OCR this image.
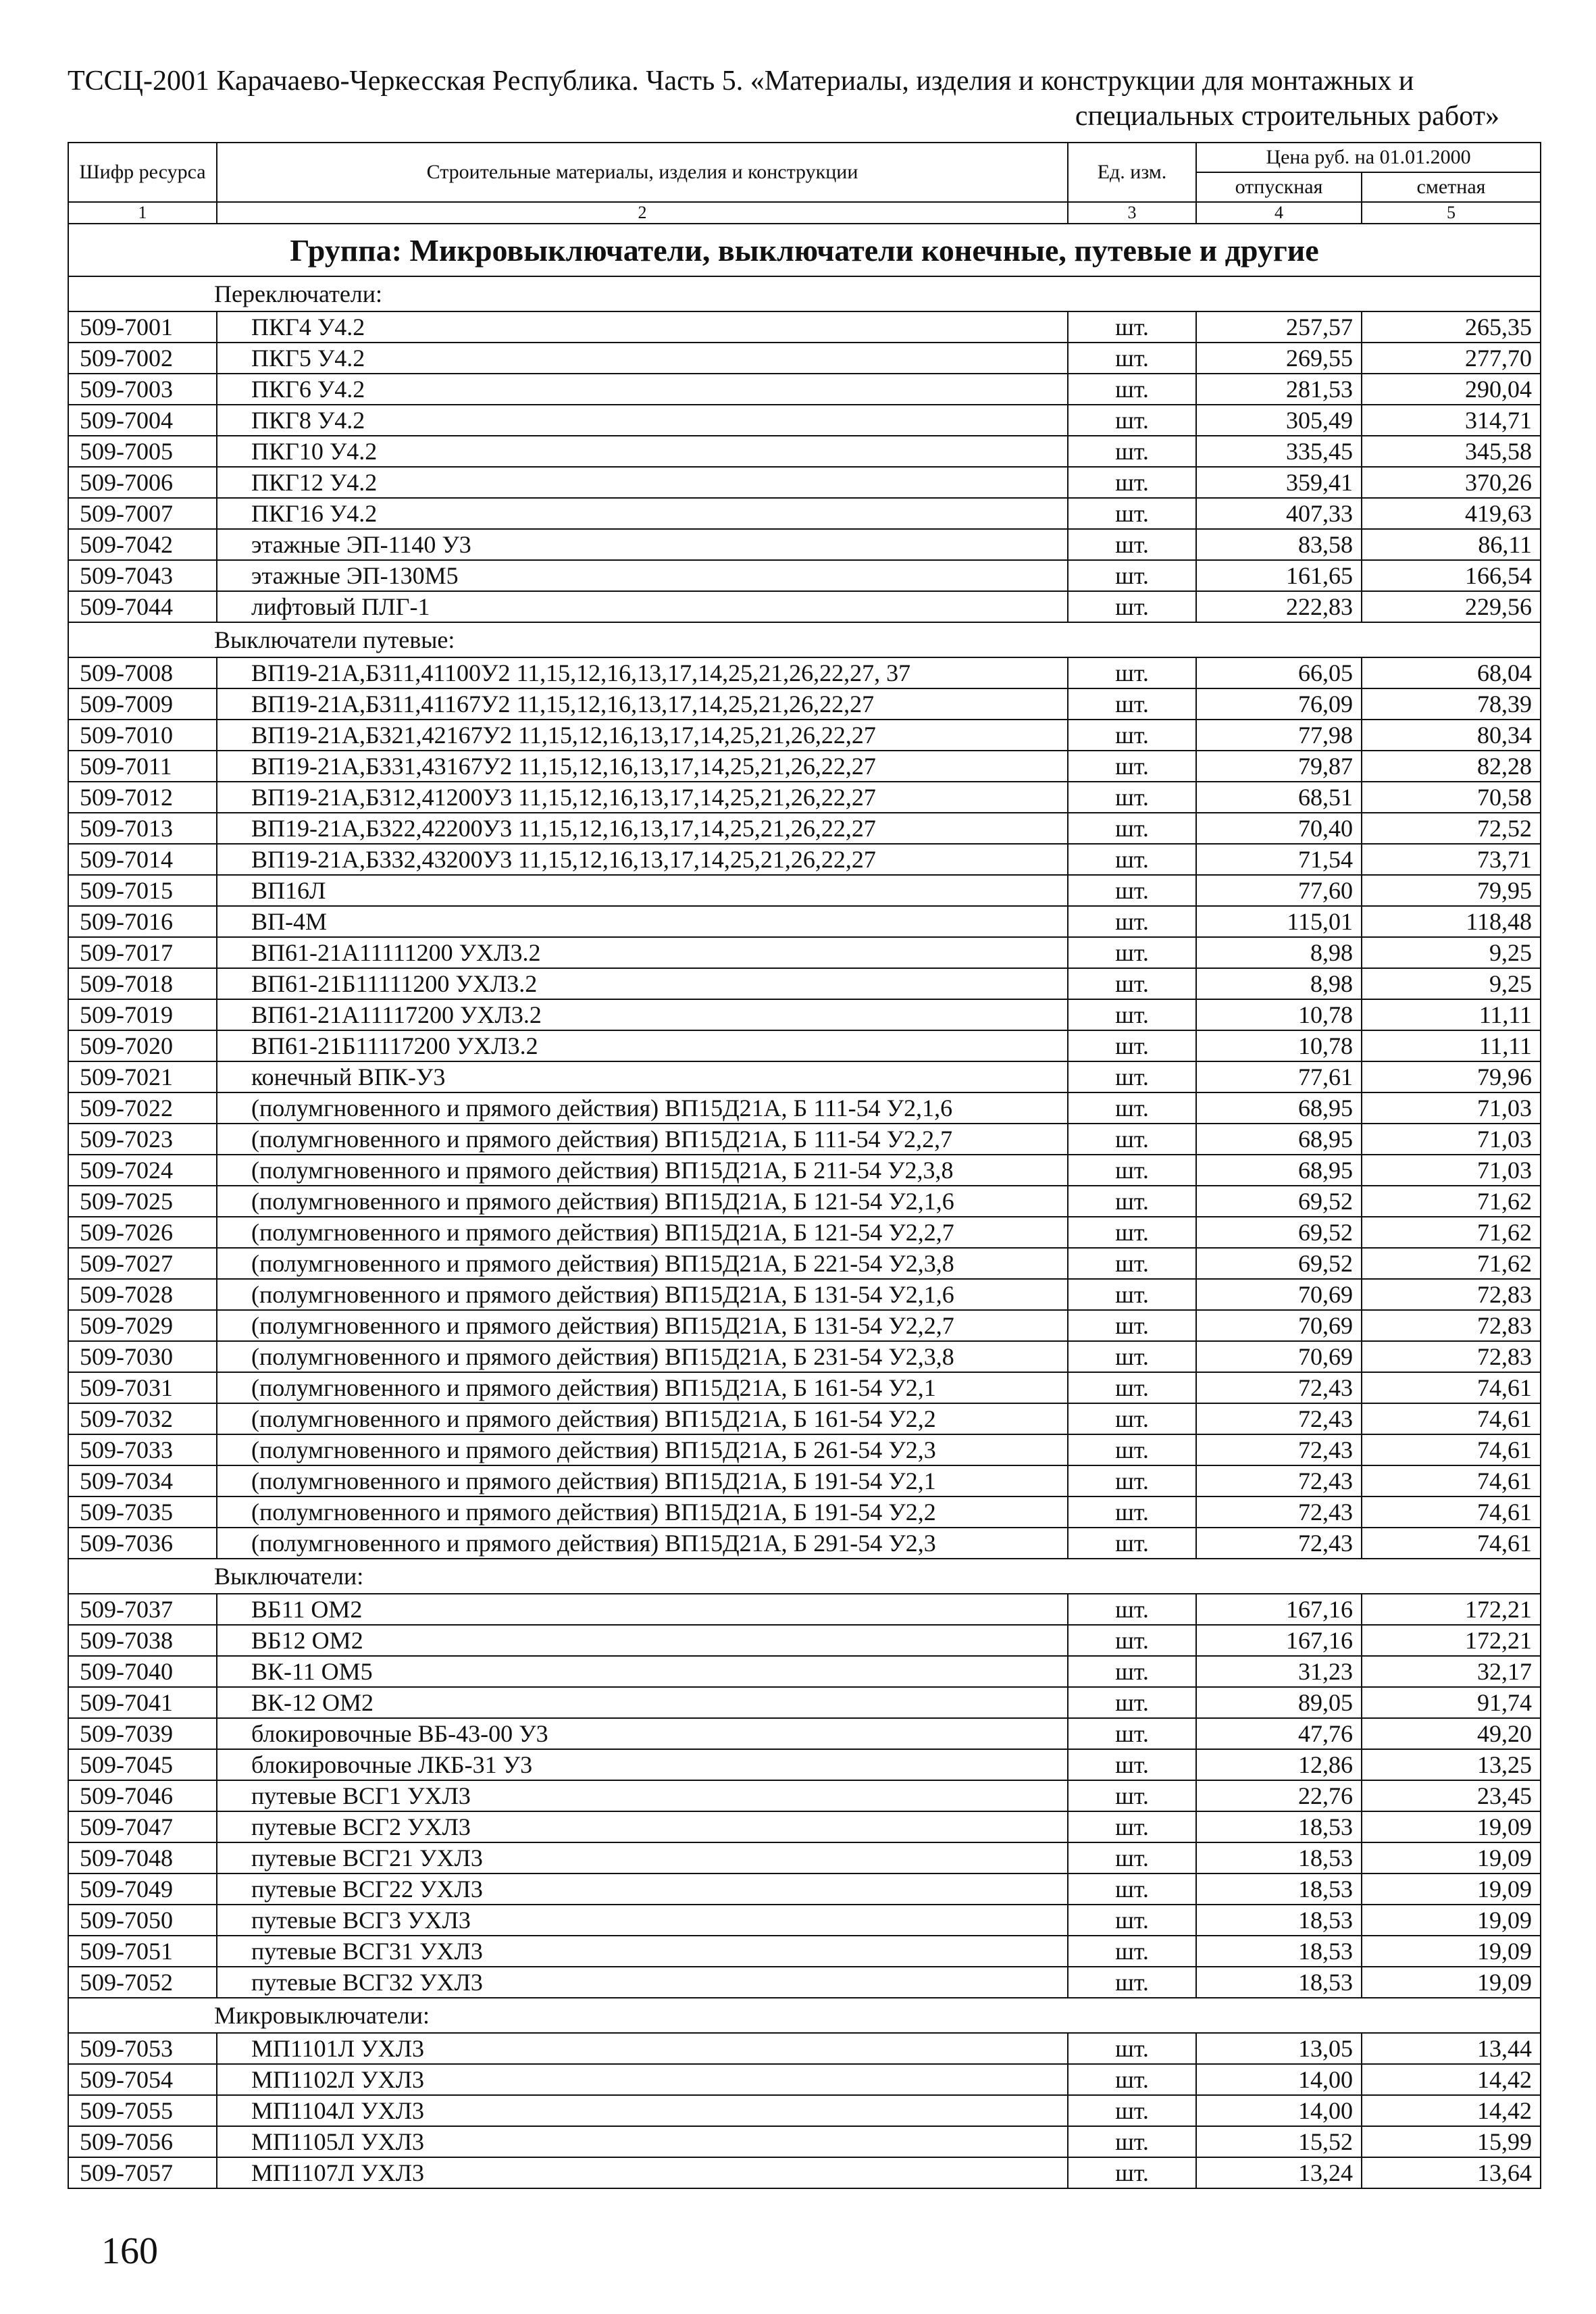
ТССЦ-2001 Карачаево-Черкесская Республика. Часть 5. «Материалы, изделия и конструкции для монтажных и
специальных строительных работ»
Шифр ресурса	Строительные материалы, изделия и конструкции	Ед. изм.	Цена руб. на 01.01.2000	
			отпускная	сметная
1	2	3	4	5
Группа: Микровыключатели, выключатели конечные, путевые и другие				
Переключатели:				
509-7001	ПКГ4 У4.2	шт.	257,57	265,35
509-7002	ПКГ5 У4.2	шт.	269,55	277,70
509-7003	ПКГ6 У4.2	шт.	281,53	290,04
509-7004	ПКГ8 У4.2	шт.	305,49	314,71
509-7005	ПКГ10 У4.2	шт.	335,45	345,58
509-7006	ПКГ12 У4.2	шт.	359,41	370,26
509-7007	ПКГ16 У4.2	шт.	407,33	419,63
509-7042	этажные ЭП-1140 У3	шт.	83,58	86,11
509-7043	этажные ЭП-130М5	шт.	161,65	166,54
509-7044	лифтовый ПЛГ-1	шт.	222,83	229,56
Выключатели путевые:				
509-7008	ВП19-21А,Б311,41100У2 11,15,12,16,13,17,14,25,21,26,22,27, 37	шт.	66,05	68,04
509-7009	ВП19-21А,Б311,41167У2 11,15,12,16,13,17,14,25,21,26,22,27	шт.	76,09	78,39
509-7010	ВП19-21А,Б321,42167У2 11,15,12,16,13,17,14,25,21,26,22,27	шт.	77,98	80,34
509-7011	ВП19-21А,Б331,43167У2 11,15,12,16,13,17,14,25,21,26,22,27	шт.	79,87	82,28
509-7012	ВП19-21А,Б312,41200У3 11,15,12,16,13,17,14,25,21,26,22,27	шт.	68,51	70,58
509-7013	ВП19-21А,Б322,42200У3 11,15,12,16,13,17,14,25,21,26,22,27	шт.	70,40	72,52
509-7014	ВП19-21А,Б332,43200У3 11,15,12,16,13,17,14,25,21,26,22,27	шт.	71,54	73,71
509-7015	ВП16Л	шт.	77,60	79,95
509-7016	ВП-4М	шт.	115,01	118,48
509-7017	ВП61-21А11111200 УХЛ3.2	шт.	8,98	9,25
509-7018	ВП61-21Б11111200 УХЛ3.2	шт.	8,98	9,25
509-7019	ВП61-21А11117200 УХЛ3.2	шт.	10,78	11,11
509-7020	ВП61-21Б11117200 УХЛ3.2	шт.	10,78	11,11
509-7021	конечный ВПК-У3	шт.	77,61	79,96
509-7022	(полумгновенного и прямого действия) ВП15Д21А, Б 111-54 У2,1,6	шт.	68,95	71,03
509-7023	(полумгновенного и прямого действия) ВП15Д21А, Б 111-54 У2,2,7	шт.	68,95	71,03
509-7024	(полумгновенного и прямого действия) ВП15Д21А, Б 211-54 У2,3,8	шт.	68,95	71,03
509-7025	(полумгновенного и прямого действия) ВП15Д21А, Б 121-54 У2,1,6	шт.	69,52	71,62
509-7026	(полумгновенного и прямого действия) ВП15Д21А, Б 121-54 У2,2,7	шт.	69,52	71,62
509-7027	(полумгновенного и прямого действия) ВП15Д21А, Б 221-54 У2,3,8	шт.	69,52	71,62
509-7028	(полумгновенного и прямого действия) ВП15Д21А, Б 131-54 У2,1,6	шт.	70,69	72,83
509-7029	(полумгновенного и прямого действия) ВП15Д21А, Б 131-54 У2,2,7	шт.	70,69	72,83
509-7030	(полумгновенного и прямого действия) ВП15Д21А, Б 231-54 У2,3,8	шт.	70,69	72,83
509-7031	(полумгновенного и прямого действия) ВП15Д21А, Б 161-54 У2,1	шт.	72,43	74,61
509-7032	(полумгновенного и прямого действия) ВП15Д21А, Б 161-54 У2,2	шт.	72,43	74,61
509-7033	(полумгновенного и прямого действия) ВП15Д21А, Б 261-54 У2,3	шт.	72,43	74,61
509-7034	(полумгновенного и прямого действия) ВП15Д21А, Б 191-54 У2,1	шт.	72,43	74,61
509-7035	(полумгновенного и прямого действия) ВП15Д21А, Б 191-54 У2,2	шт.	72,43	74,61
509-7036	(полумгновенного и прямого действия) ВП15Д21А, Б 291-54 У2,3	шт.	72,43	74,61
Выключатели:				
509-7037	ВБ11 ОМ2	шт.	167,16	172,21
509-7038	ВБ12 ОМ2	шт.	167,16	172,21
509-7040	ВК-11 ОМ5	шт.	31,23	32,17
509-7041	ВК-12 ОМ2	шт.	89,05	91,74
509-7039	блокировочные ВБ-43-00 У3	шт.	47,76	49,20
509-7045	блокировочные ЛКБ-31 У3	шт.	12,86	13,25
509-7046	путевые ВСГ1 УХЛ3	шт.	22,76	23,45
509-7047	путевые ВСГ2 УХЛ3	шт.	18,53	19,09
509-7048	путевые ВСГ21 УХЛ3	шт.	18,53	19,09
509-7049	путевые ВСГ22 УХЛ3	шт.	18,53	19,09
509-7050	путевые ВСГ3 УХЛ3	шт.	18,53	19,09
509-7051	путевые ВСГ31 УХЛ3	шт.	18,53	19,09
509-7052	путевые ВСГ32 УХЛ3	шт.	18,53	19,09
Микровыключатели:				
509-7053	МП1101Л УХЛ3	шт.	13,05	13,44
509-7054	МП1102Л УХЛ3	шт.	14,00	14,42
509-7055	МП1104Л УХЛ3	шт.	14,00	14,42
509-7056	МП1105Л УХЛ3	шт.	15,52	15,99
509-7057	МП1107Л УХЛ3	шт.	13,24	13,64
160
